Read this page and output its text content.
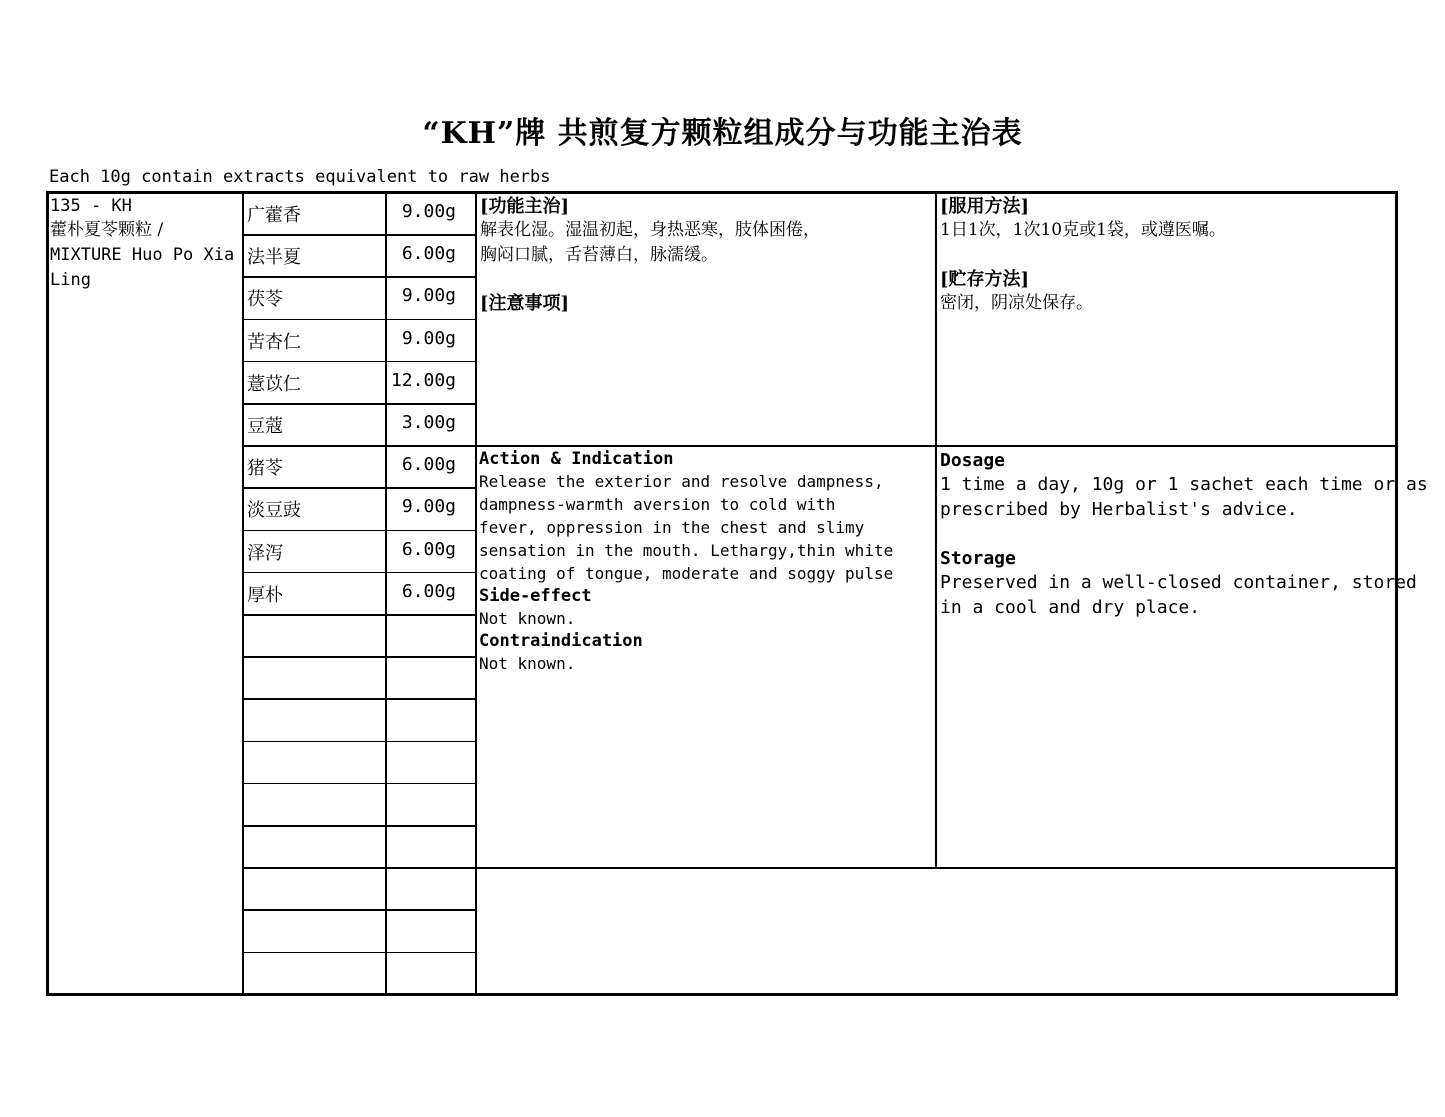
“KH”牌 共煎复方颗粒组成分与功能主治表
Each 10g contain extracts equivalent to raw herbs
135 - KH
藿朴夏苓颗粒 /
MIXTURE Huo Po Xia
Ling
广藿香	9.00g
法半夏	6.00g
茯苓	9.00g
苦杏仁	9.00g
薏苡仁	12.00g
豆蔻	3.00g
猪苓	6.00g
淡豆豉	9.00g
泽泻	6.00g
厚朴	6.00g
[功能主治]
解表化湿。湿温初起，身热恶寒，肢体困倦，
胸闷口腻，舌苔薄白，脉濡缓。
[注意事项]
[服用方法]
1日1次，1次10克或1袋，或遵医嘱。
[贮存方法]
密闭，阴凉处保存。
Action & Indication
Release the exterior and resolve dampness,
dampness-warmth aversion to cold with
fever, oppression in the chest and slimy
sensation in the mouth. Lethargy,thin white
coating of tongue, moderate and soggy pulse
Side-effect
Not known.
Contraindication
Not known.
Dosage
1 time a day, 10g or 1 sachet each time or as
prescribed by Herbalist's advice.
Storage
Preserved in a well-closed container, stored
in a cool and dry place.
